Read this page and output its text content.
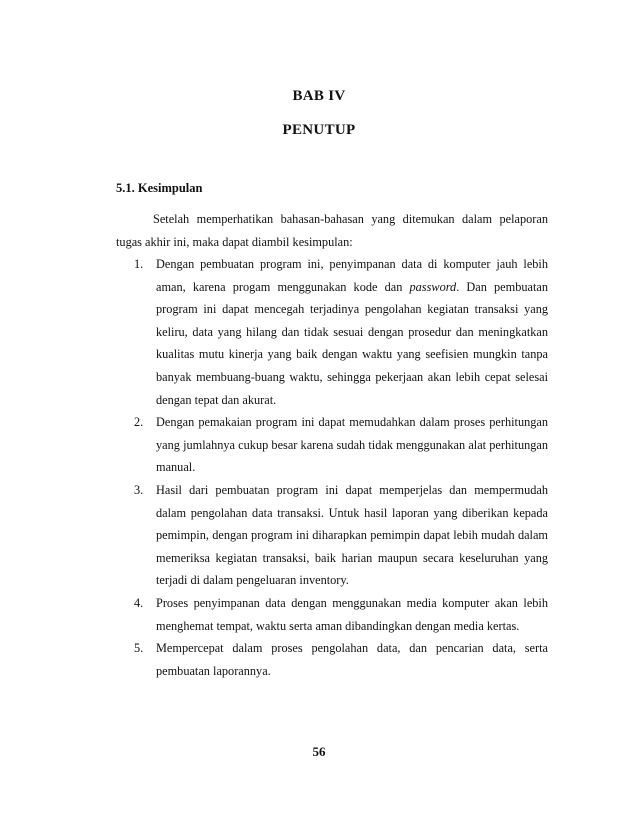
BAB IV
PENUTUP
5.1. Kesimpulan

Setelah memperhatikan bahasan-bahasan yang ditemukan dalam pelaporan tugas akhir ini, maka dapat diambil kesimpulan:

1. Dengan pembuatan program ini, penyimpanan data di komputer jauh lebih aman, karena progam menggunakan kode dan password. Dan pembuatan program ini dapat mencegah terjadinya pengolahan kegiatan transaksi yang keliru, data yang hilang dan tidak sesuai dengan prosedur dan meningkatkan kualitas mutu kinerja yang baik dengan waktu yang seefisien mungkin tanpa banyak membuang-buang waktu, sehingga pekerjaan akan lebih cepat selesai dengan tepat dan akurat.
2. Dengan pemakaian program ini dapat memudahkan dalam proses perhitungan yang jumlahnya cukup besar karena sudah tidak menggunakan alat perhitungan manual.
3. Hasil dari pembuatan program ini dapat memperjelas dan mempermudah dalam pengolahan data transaksi. Untuk hasil laporan yang diberikan kepada pemimpin, dengan program ini diharapkan pemimpin dapat lebih mudah dalam memeriksa kegiatan transaksi, baik harian maupun secara keseluruhan yang terjadi di dalam pengeluaran inventory.
4. Proses penyimpanan data dengan menggunakan media komputer akan lebih menghemat tempat, waktu serta aman dibandingkan dengan media kertas.
5. Mempercepat dalam proses pengolahan data, dan pencarian data, serta pembuatan laporannya.
56
